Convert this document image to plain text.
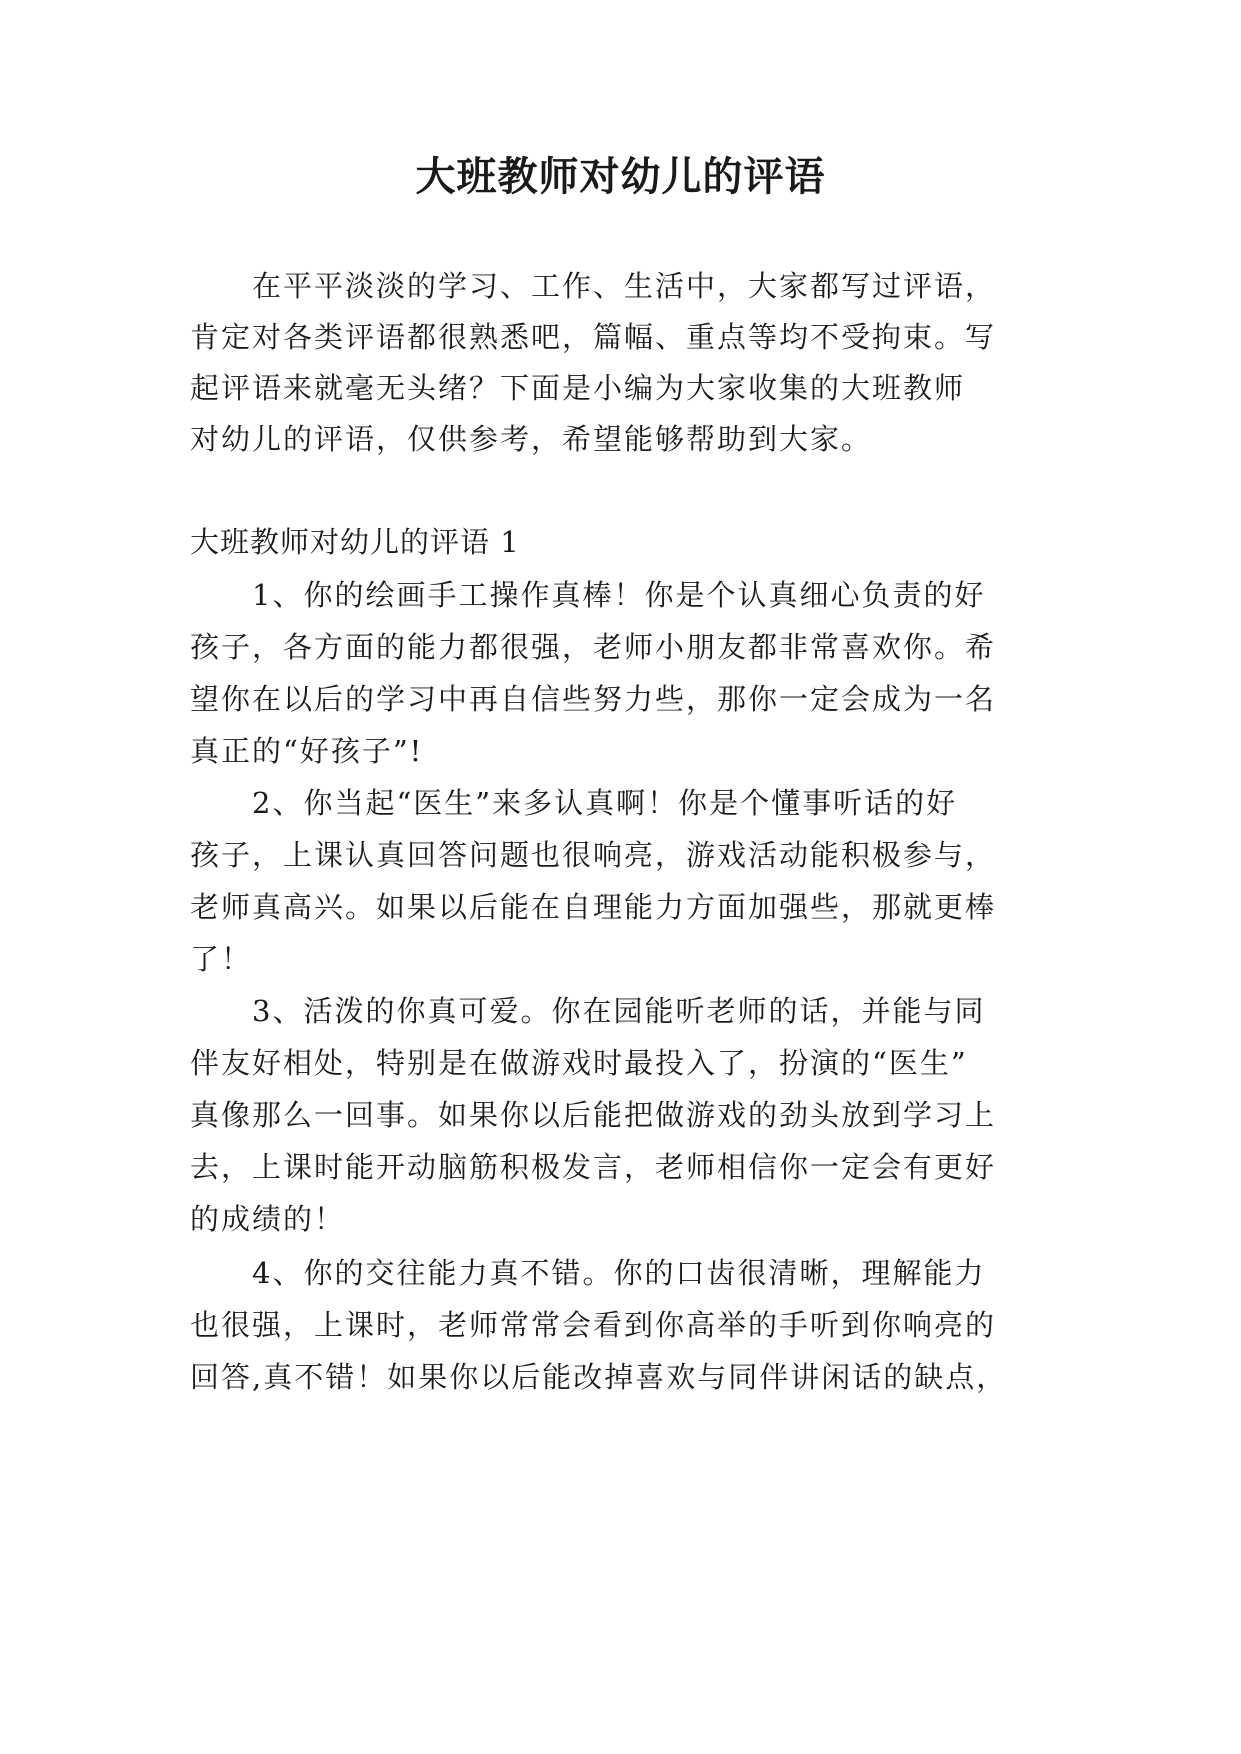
大班教师对幼儿的评语
在平平淡淡的学习、工作、生活中，大家都写过评语，
肯定对各类评语都很熟悉吧，篇幅、重点等均不受拘束。写
起评语来就毫无头绪？下面是小编为大家收集的大班教师
对幼儿的评语，仅供参考，希望能够帮助到大家。
大班教师对幼儿的评语 1
1、你的绘画手工操作真棒！你是个认真细心负责的好
孩子，各方面的能力都很强，老师小朋友都非常喜欢你。希
望你在以后的学习中再自信些努力些，那你一定会成为一名
真正的“好孩子”!
2、你当起“医生”来多认真啊！你是个懂事听话的好
孩子，上课认真回答问题也很响亮，游戏活动能积极参与，
老师真高兴。如果以后能在自理能力方面加强些，那就更棒
了！
3、活泼的你真可爱。你在园能听老师的话，并能与同
伴友好相处，特别是在做游戏时最投入了，扮演的“医生”
真像那么一回事。如果你以后能把做游戏的劲头放到学习上
去，上课时能开动脑筋积极发言，老师相信你一定会有更好
的成绩的！
4、你的交往能力真不错。你的口齿很清晰，理解能力
也很强，上课时，老师常常会看到你高举的手听到你响亮的
回答,真不错！如果你以后能改掉喜欢与同伴讲闲话的缺点，
